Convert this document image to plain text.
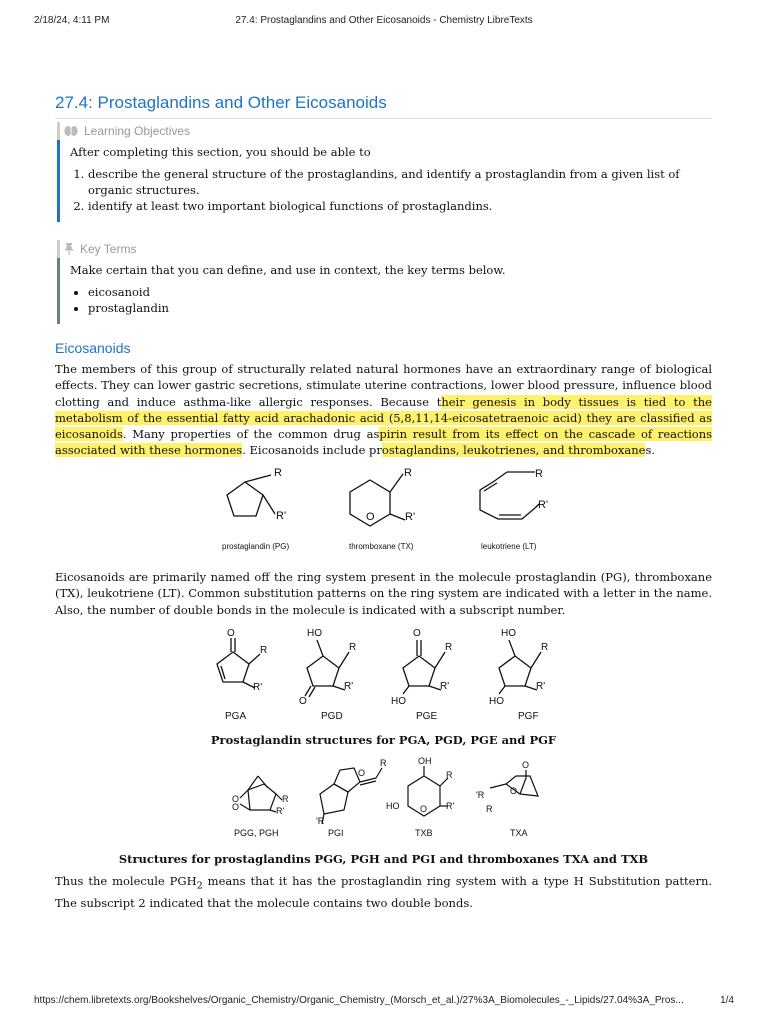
2/18/24, 4:11 PM	27.4: Prostaglandins and Other Eicosanoids - Chemistry LibreTexts
27.4: Prostaglandins and Other Eicosanoids
Learning Objectives

After completing this section, you should be able to

1. describe the general structure of the prostaglandins, and identify a prostaglandin from a given list of organic structures.
2. identify at least two important biological functions of prostaglandins.
Key Terms

Make certain that you can define, and use in context, the key terms below.

• eicosanoid
• prostaglandin
Eicosanoids

The members of this group of structurally related natural hormones have an extraordinary range of biological effects. They can lower gastric secretions, stimulate uterine contractions, lower blood pressure, influence blood clotting and induce asthma-like allergic responses. Because their genesis in body tissues is tied to the metabolism of the essential fatty acid arachadonic acid (5,8,11,14-eicosatetraenoic acid) they are classified as eicosanoids. Many properties of the common drug aspirin result from its effect on the cascade of reactions associated with these hormones. Eicosanoids include prostaglandins, leukotrienes, and thromboxanes.

R
R'
R
R'
O
R
R'
prostaglandin (PG)	thromboxane (TX)	leukotriene (LT)

Eicosanoids are primarily named off the ring system present in the molecule prostaglandin (PG), thromboxane (TX), leukotriene (LT). Common substitution patterns on the ring system are indicated with a letter in the name. Also, the number of double bonds in the molecule is indicated with a subscript number.

O
R
R'
HO
R
R'
O
O
R
R'
HO
HO
R
R'
HO
PGA	PGD	PGE	PGF
Prostaglandin structures for PGA, PGD, PGE and PGF
O
O
R
R'
O
R
'R
OH
R
R'
HO O
'R
R
O
O
PGG, PGH	PGI	TXB	TXA
Structures for prostaglandins PGG, PGH and PGI and thromboxanes TXA and TXB

Thus the molecule $PGH_2$ means that it has the prostaglandin ring system with a type H Substitution pattern. The subscript 2 indicated that the molecule contains two double bonds.

https://chem.libretexts.org/Bookshelves/Organic_Chemistry/Organic_Chemistry_(Morsch_et_al.)/27%3A_Biomolecules_-_Lipids/27.04%3A_Pros...	1/4
